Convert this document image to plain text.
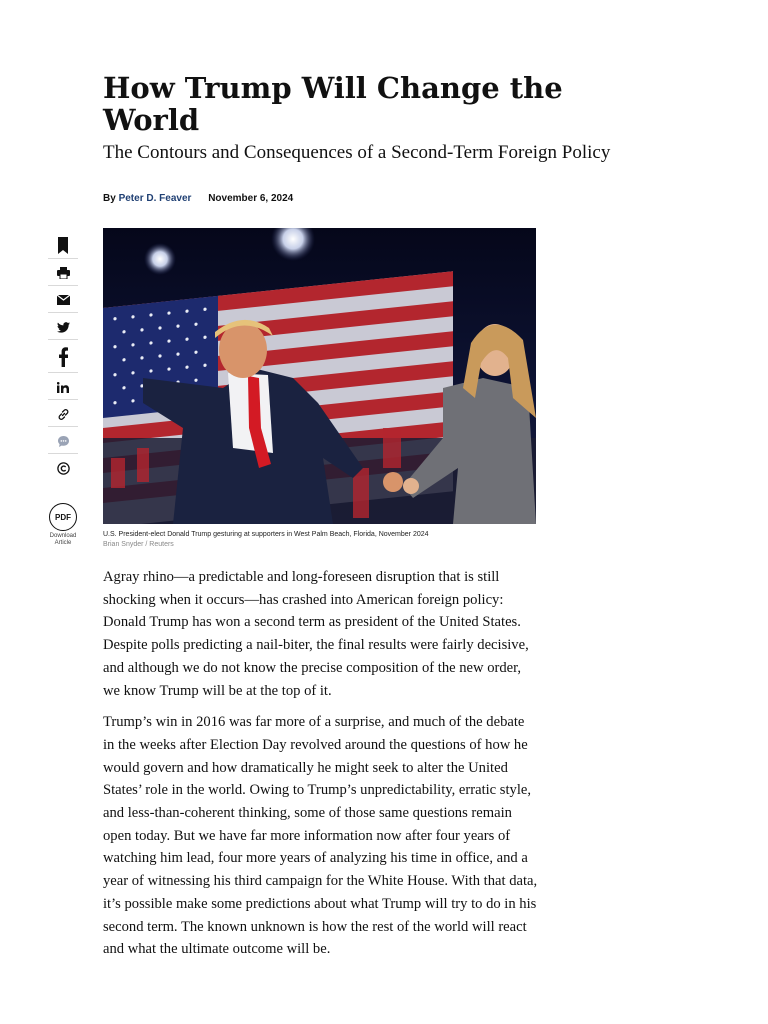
How Trump Will Change the World
The Contours and Consequences of a Second-Term Foreign Policy
By Peter D. Feaver November 6, 2024
PDF
Download Article
U.S. President-elect Donald Trump gesturing at supporters in West Palm Beach, Florida, November 2024
Brian Snyder / Reuters

Agray rhino—a predictable and long-foreseen disruption that is still shocking when it occurs—has crashed into American foreign policy: Donald Trump has won a second term as president of the United States. Despite polls predicting a nail-biter, the final results were fairly decisive, and although we do not know the precise composition of the new order, we know Trump will be at the top of it.

Trump’s win in 2016 was far more of a surprise, and much of the debate in the weeks after Election Day revolved around the questions of how he would govern and how dramatically he might seek to alter the United States’ role in the world. Owing to Trump’s unpredictability, erratic style, and less-than-coherent thinking, some of those same questions remain open today. But we have far more information now after four years of watching him lead, four more years of analyzing his time in office, and a year of witnessing his third campaign for the White House. With that data, it’s possible make some predictions about what Trump will try to do in his second term. The known unknown is how the rest of the world will react and what the ultimate outcome will be.
